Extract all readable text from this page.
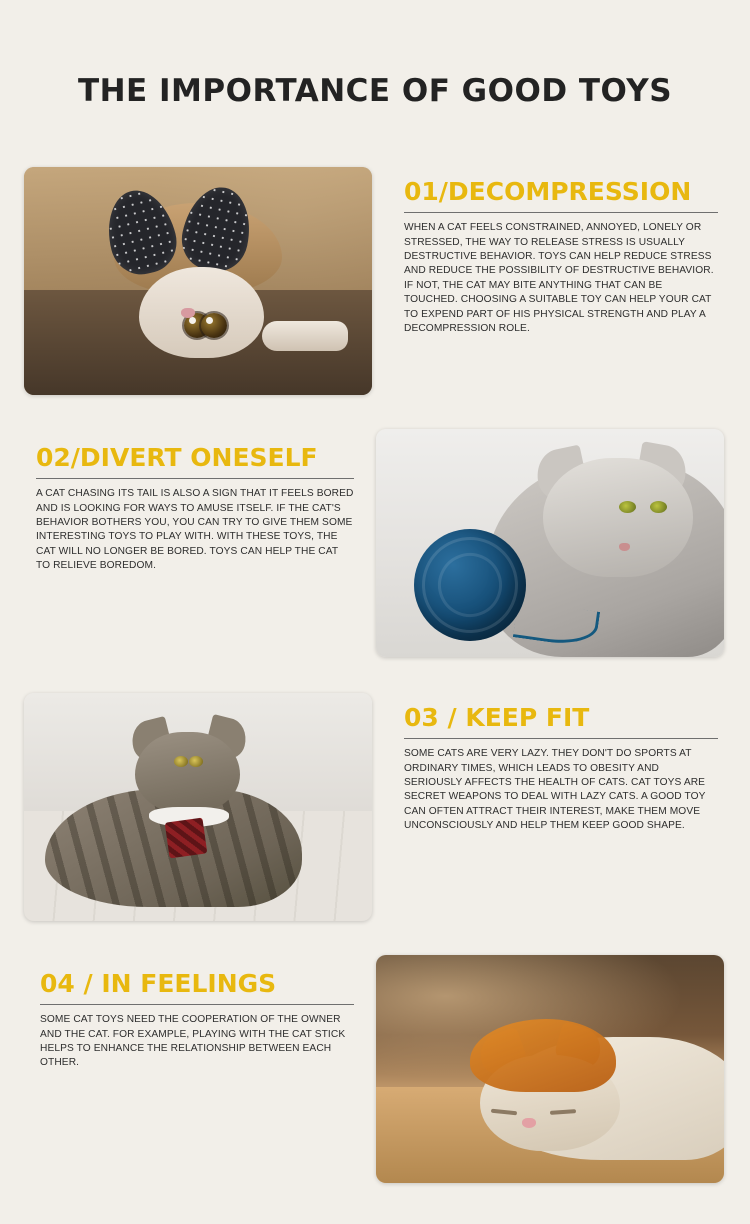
THE IMPORTANCE OF GOOD TOYS
01/DECOMPRESSION
WHEN A CAT FEELS CONSTRAINED, ANNOYED, LONELY OR STRESSED, THE WAY TO RELEASE STRESS IS USUALLY DESTRUCTIVE BEHAVIOR. TOYS CAN HELP REDUCE STRESS AND REDUCE THE POSSIBILITY OF DESTRUCTIVE BEHAVIOR. IF NOT, THE CAT MAY BITE ANYTHING THAT CAN BE TOUCHED. CHOOSING A SUITABLE TOY CAN HELP YOUR CAT TO EXPEND PART OF HIS PHYSICAL STRENGTH AND PLAY A DECOMPRESSION ROLE.
02/DIVERT ONESELF
A CAT CHASING ITS TAIL IS ALSO A SIGN THAT IT FEELS BORED AND IS LOOKING FOR WAYS TO AMUSE ITSELF. IF THE CAT'S BEHAVIOR BOTHERS YOU, YOU CAN TRY TO GIVE THEM SOME INTERESTING TOYS TO PLAY WITH. WITH THESE TOYS, THE CAT WILL NO LONGER BE BORED. TOYS CAN HELP THE CAT TO RELIEVE BOREDOM.
03 / KEEP FIT
SOME CATS ARE VERY LAZY. THEY DON'T DO SPORTS AT ORDINARY TIMES, WHICH LEADS TO OBESITY AND SERIOUSLY AFFECTS THE HEALTH OF CATS. CAT TOYS ARE SECRET WEAPONS TO DEAL WITH LAZY CATS. A GOOD TOY CAN OFTEN ATTRACT THEIR INTEREST, MAKE THEM MOVE UNCONSCIOUSLY AND HELP THEM KEEP GOOD SHAPE.
04 / IN FEELINGS
SOME CAT TOYS NEED THE COOPERATION OF THE OWNER AND THE CAT. FOR EXAMPLE, PLAYING WITH THE CAT STICK HELPS TO ENHANCE THE RELATIONSHIP BETWEEN EACH OTHER.
